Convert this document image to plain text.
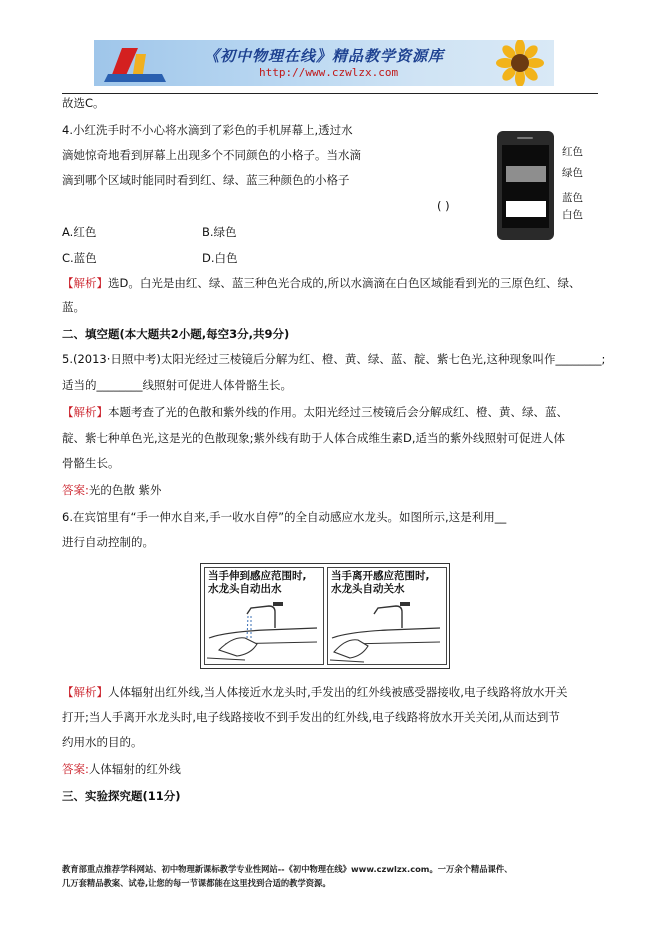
《初中物理在线》精品教学资源库
http://www.czwlzx.com
故选C。
4.小红洗手时不小心将水滴到了彩色的手机屏幕上,透过水
滴她惊奇地看到屏幕上出现多个不同颜色的小格子。当水滴
滴到哪个区域时能同时看到红、绿、蓝三种颜色的小格子
( )
红色
绿色
蓝色
白色
A.红色	B.绿色
C.蓝色	D.白色
【解析】选D。白光是由红、绿、蓝三种色光合成的,所以水滴滴在白色区域能看到光的三原色红、绿、
蓝。
二、填空题(本大题共2小题,每空3分,共9分)
5.(2013·日照中考)太阳光经过三棱镜后分解为红、橙、黄、绿、蓝、靛、紫七色光,这种现象叫作________;
适当的________线照射可促进人体骨骼生长。
【解析】本题考查了光的色散和紫外线的作用。太阳光经过三棱镜后会分解成红、橙、黄、绿、蓝、
靛、紫七种单色光,这是光的色散现象;紫外线有助于人体合成维生素D,适当的紫外线照射可促进人体
骨骼生长。
答案:光的色散 紫外
6.在宾馆里有“手一伸水自来,手一收水自停”的全自动感应水龙头。如图所示,这是利用__
进行自动控制的。
当手伸到感应范围时,
水龙头自动出水
当手离开感应范围时,
水龙头自动关水
【解析】人体辐射出红外线,当人体接近水龙头时,手发出的红外线被感受器接收,电子线路将放水开关
打开;当人手离开水龙头时,电子线路接收不到手发出的红外线,电子线路将放水开关关闭,从而达到节
约用水的目的。
答案:人体辐射的红外线
三、实验探究题(11分)
教育部重点推荐学科网站、初中物理新课标教学专业性网站--《初中物理在线》www.czwlzx.com。一万余个精品课件、
几万套精品教案、试卷,让您的每一节课都能在这里找到合适的教学资源。
